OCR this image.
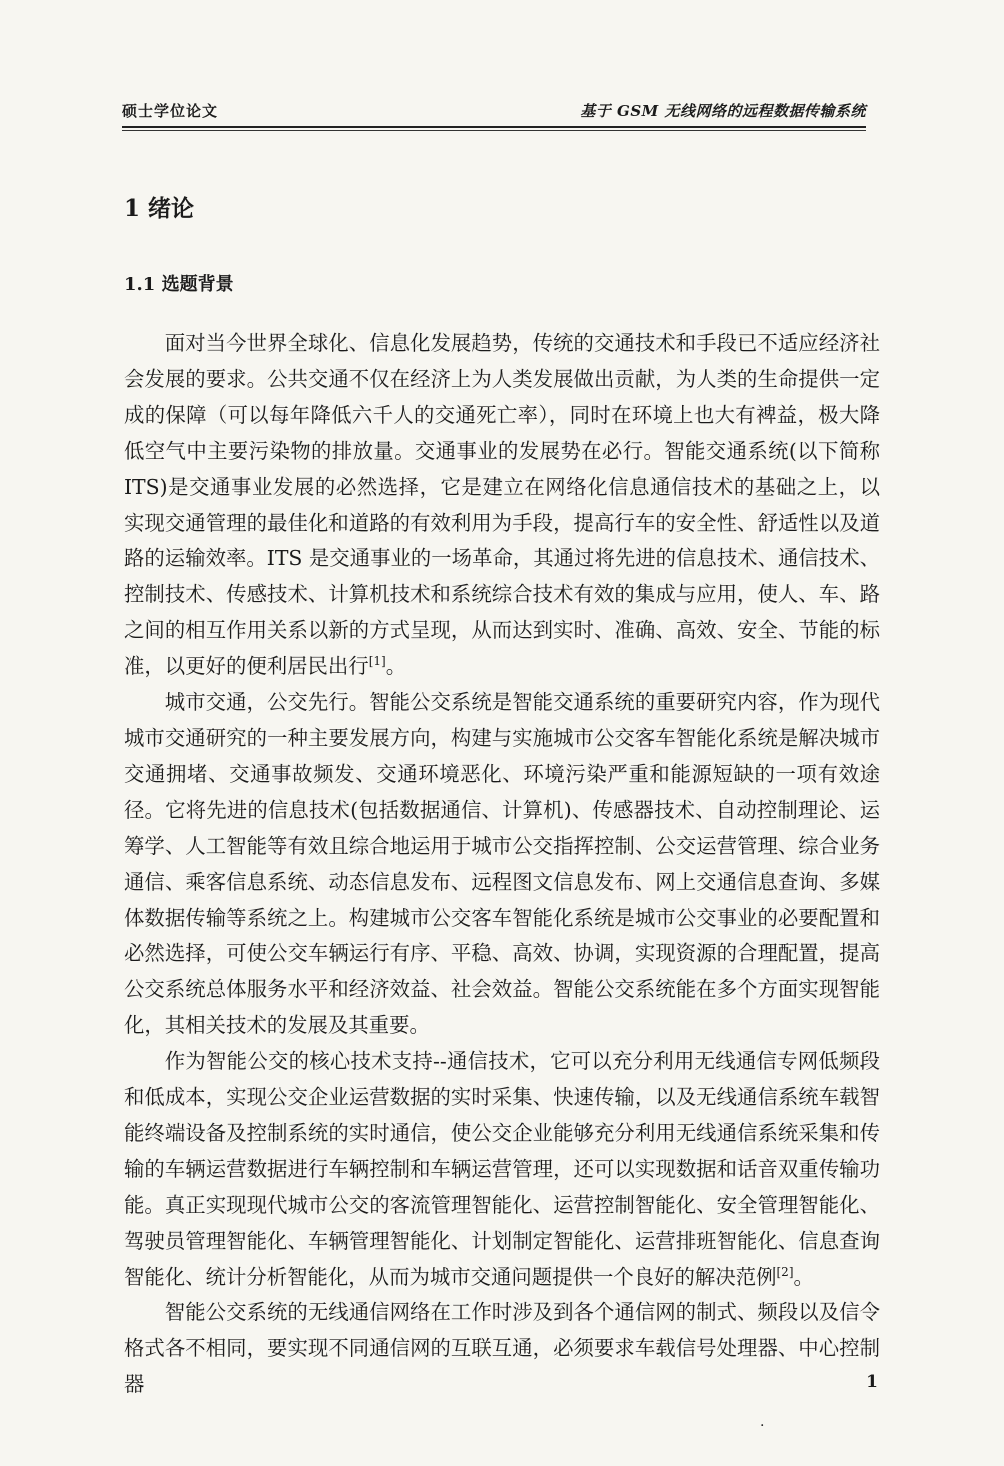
硕士学位论文	基于 GSM 无线网络的远程数据传输系统
1 绪论
1.1 选题背景

面对当今世界全球化、信息化发展趋势，传统的交通技术和手段已不适应经济社会发展的要求。公共交通不仅在经济上为人类发展做出贡献，为人类的生命提供一定成的保障（可以每年降低六千人的交通死亡率），同时在环境上也大有裨益，极大降低空气中主要污染物的排放量。交通事业的发展势在必行。智能交通系统(以下简称ITS)是交通事业发展的必然选择，它是建立在网络化信息通信技术的基础之上，以实现交通管理的最佳化和道路的有效利用为手段，提高行车的安全性、舒适性以及道路的运输效率。ITS 是交通事业的一场革命，其通过将先进的信息技术、通信技术、控制技术、传感技术、计算机技术和系统综合技术有效的集成与应用，使人、车、路之间的相互作用关系以新的方式呈现，从而达到实时、准确、高效、安全、节能的标准，以更好的便利居民出行[1]。

城市交通，公交先行。智能公交系统是智能交通系统的重要研究内容，作为现代城市交通研究的一种主要发展方向，构建与实施城市公交客车智能化系统是解决城市交通拥堵、交通事故频发、交通环境恶化、环境污染严重和能源短缺的一项有效途径。它将先进的信息技术(包括数据通信、计算机)、传感器技术、自动控制理论、运筹学、人工智能等有效且综合地运用于城市公交指挥控制、公交运营管理、综合业务通信、乘客信息系统、动态信息发布、远程图文信息发布、网上交通信息查询、多媒体数据传输等系统之上。构建城市公交客车智能化系统是城市公交事业的必要配置和必然选择，可使公交车辆运行有序、平稳、高效、协调，实现资源的合理配置，提高公交系统总体服务水平和经济效益、社会效益。智能公交系统能在多个方面实现智能化，其相关技术的发展及其重要。

作为智能公交的核心技术支持--通信技术，它可以充分利用无线通信专网低频段和低成本，实现公交企业运营数据的实时采集、快速传输，以及无线通信系统车载智能终端设备及控制系统的实时通信，使公交企业能够充分利用无线通信系统采集和传输的车辆运营数据进行车辆控制和车辆运营管理，还可以实现数据和话音双重传输功能。真正实现现代城市公交的客流管理智能化、运营控制智能化、安全管理智能化、驾驶员管理智能化、车辆管理智能化、计划制定智能化、运营排班智能化、信息查询智能化、统计分析智能化，从而为城市交通问题提供一个良好的解决范例[2]。

智能公交系统的无线通信网络在工作时涉及到各个通信网的制式、频段以及信令格式各不相同，要实现不同通信网的互联互通，必须要求车载信号处理器、中心控制器	1
.
